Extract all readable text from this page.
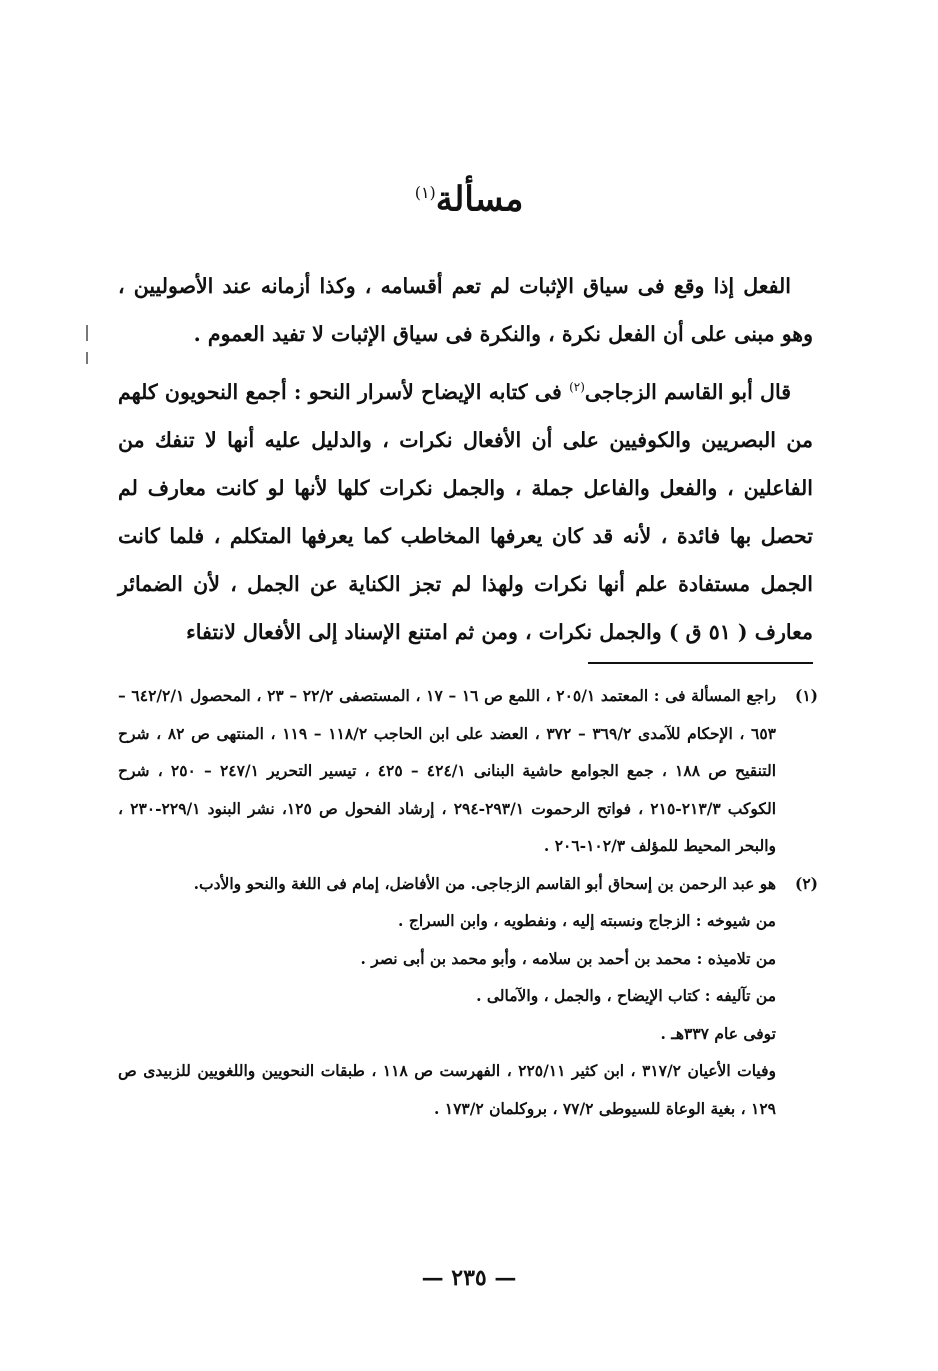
مسألة$^{(١)}$

الفعل إذا وقع فى سياق الإثبات لم تعم أقسامه ، وكذا أزمانه عند الأصوليين ، وهو مبنى على أن الفعل نكرة ، والنكرة فى سياق الإثبات لا تفيد العموم .

قال أبو القاسم الزجاجى$^{(٢)}$ فى كتابه الإيضاح لأسرار النحو : أجمع النحويون كلهم من البصريين والكوفيين على أن الأفعال نكرات ، والدليل عليه أنها لا تنفك من الفاعلين ، والفعل والفاعل جملة ، والجمل نكرات كلها لأنها لو كانت معارف لم تحصل بها فائدة ، لأنه قد كان يعرفها المخاطب كما يعرفها المتكلم ، فلما كانت الجمل مستفادة علم أنها نكرات ولهذا لم تجز الكناية عن الجمل ، لأن الضمائر معارف ( ٥١ ق ) والجمل نكرات ، ومن ثم امتنع الإسناد إلى الأفعال لانتفاء

(١)
راجع المسألة فى : المعتمد ٢٠٥/١ ، اللمع ص ١٦ – ١٧ ، المستصفى ٢٢/٢ – ٢٣ ، المحصول ٦٤٢/٢/١ – ٦٥٣ ، الإحكام للآمدى ٣٦٩/٢ – ٣٧٢ ، العضد على ابن الحاجب ١١٨/٢ – ١١٩ ، المنتهى ص ٨٢ ، شرح التنقيح ص ١٨٨ ، جمع الجوامع حاشية البنانى ٤٢٤/١ – ٤٢٥ ، تيسير التحرير ٢٤٧/١ – ٢٥٠ ، شرح الكوكب ٢١٣/٣-٢١٥ ، فواتح الرحموت ٢٩٣/١-٢٩٤ ، إرشاد الفحول ص ١٢٥، نشر البنود ٢٢٩/١-٢٣٠ ، والبحر المحيط للمؤلف ١٠٢/٣-٢٠٦ .
(٢)
هو عبد الرحمن بن إسحاق أبو القاسم الزجاجى. من الأفاضل، إمام فى اللغة والنحو والأدب.
من شيوخه : الزجاج ونسبته إليه ، ونفطويه ، وابن السراج .
من تلاميذه : محمد بن أحمد بن سلامه ، وأبو محمد بن أبى نصر .
من تآليفه : كتاب الإيضاح ، والجمل ، والآمالى .
توفى عام ٣٣٧هـ .
وفيات الأعيان ٣١٧/٢ ، ابن كثير ٢٢٥/١١ ، الفهرست ص ١١٨ ، طبقات النحويين واللغويين للزبيدى ص ١٢٩ ، بغية الوعاة للسيوطى ٧٧/٢ ، بروكلمان ١٧٣/٢ .
— ٢٣٥ —
